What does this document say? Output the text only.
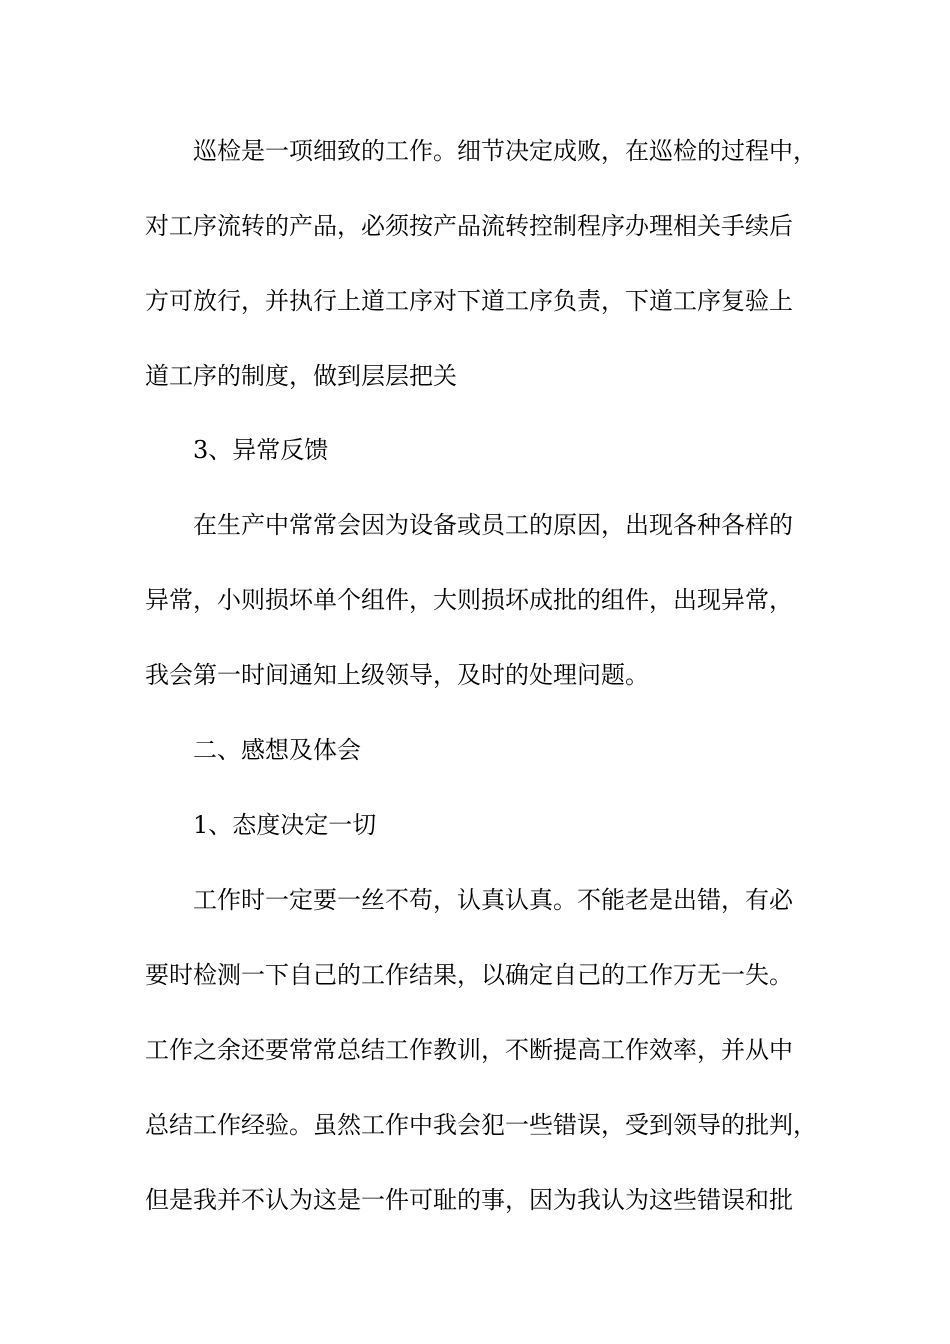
巡检是一项细致的工作。细节决定成败，在巡检的过程中，
对工序流转的产品，必须按产品流转控制程序办理相关手续后
方可放行，并执行上道工序对下道工序负责，下道工序复验上
道工序的制度，做到层层把关
3、异常反馈
在生产中常常会因为设备或员工的原因，出现各种各样的
异常，小则损坏单个组件，大则损坏成批的组件，出现异常，
我会第一时间通知上级领导，及时的处理问题。
二、感想及体会
1、态度决定一切
工作时一定要一丝不苟，认真认真。不能老是出错，有必
要时检测一下自己的工作结果，以确定自己的工作万无一失。
工作之余还要常常总结工作教训，不断提高工作效率，并从中
总结工作经验。虽然工作中我会犯一些错误，受到领导的批判，
但是我并不认为这是一件可耻的事，因为我认为这些错误和批
